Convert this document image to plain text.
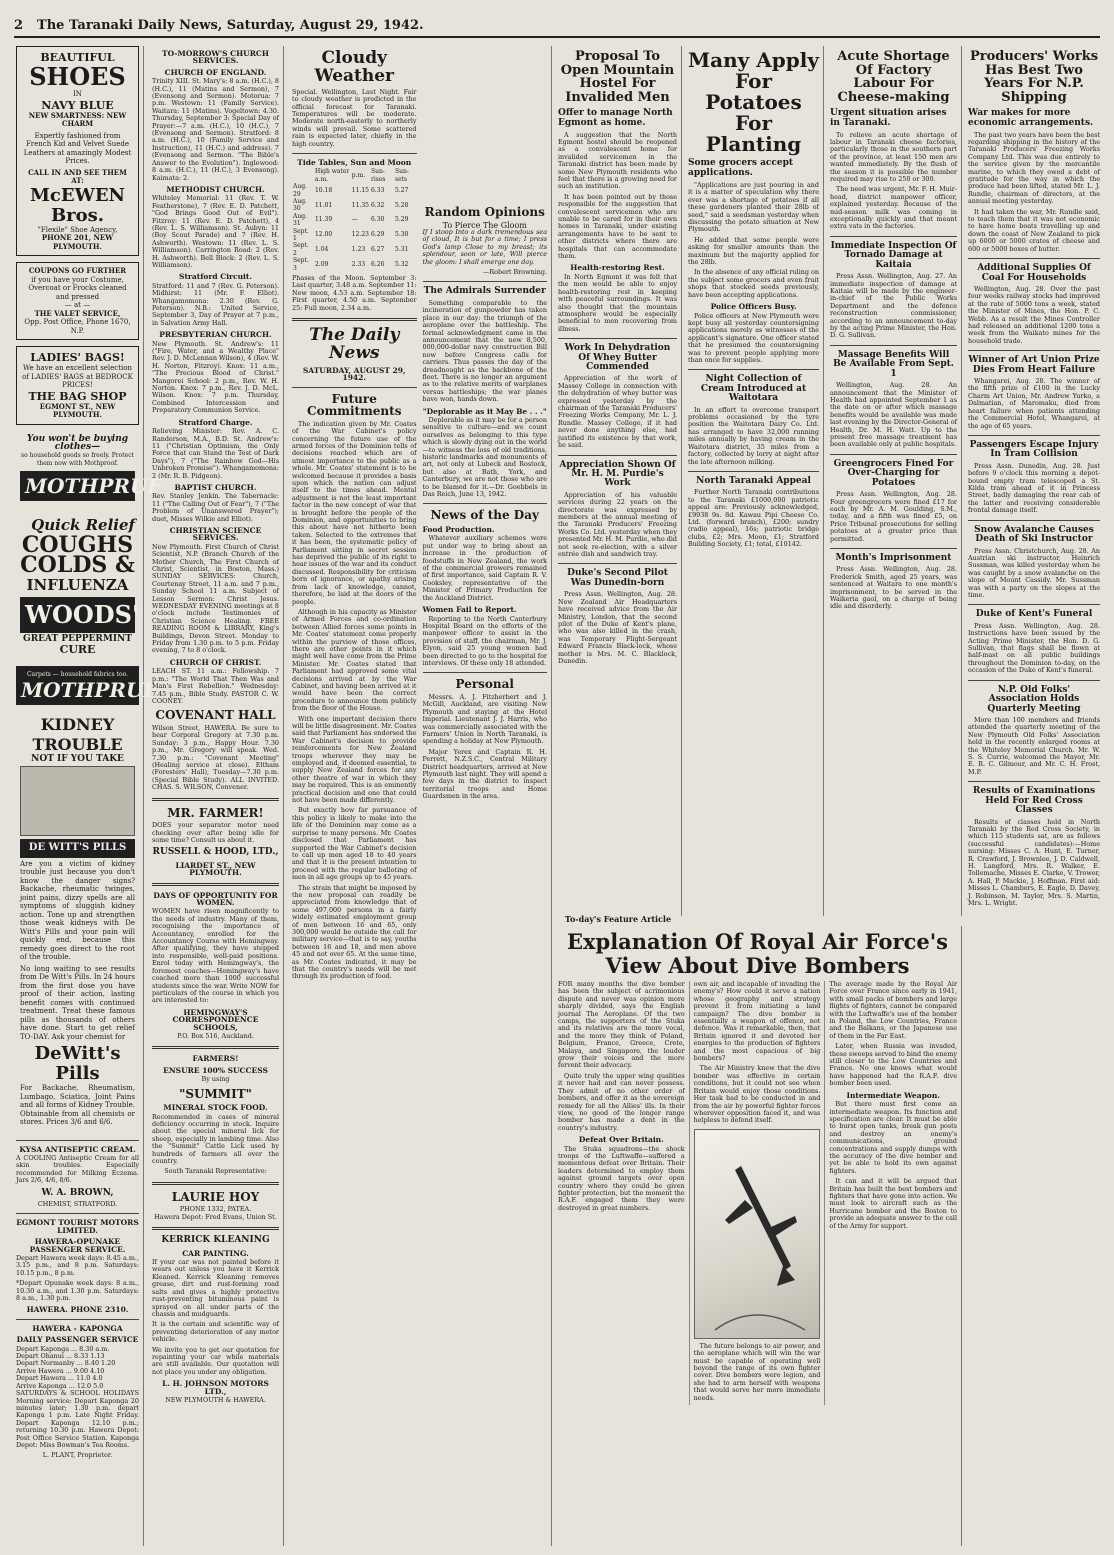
2 The Taranaki Daily News, Saturday, August 29, 1942.
BEAUTIFUL
SHOES
IN
NAVY BLUE
NEW SMARTNESS: NEW CHARM
Expertly fashioned from French Kid and Velvet Suede Leathers at amazingly Modest Prices.
CALL IN AND SEE THEM AT:
McEWEN Bros.
"Flexile" Shoe Agency,
PHONE 201, NEW PLYMOUTH.
COUPONS GO FURTHER
if you have your Costume, Overcoat or Frocks cleaned and pressed
— at —
THE VALET SERVICE,
Opp. Post Office, Phone 1670, N.P.
LADIES' BAGS!
We have an excellent selection of LADIES' BAGS at BEDROCK PRICES!
THE BAG SHOP
EGMONT ST., NEW PLYMOUTH.
You won't be buying clothes—
so household goods so freely. Protect them now with Mothproof.
MOTHPRUF
Quick Relief
COUGHS
COLDS &
INFLUENZA
WOODS'
GREAT PEPPERMINT
CURE
Carpets — household fabrics too.
MOTHPRUF
KIDNEY TROUBLE
NOT IF YOU TAKE
DE WITT'S PILLS

Are you a victim of kidney trouble just because you don't know the danger signs? Backache, rheumatic twinges, joint pains, dizzy spells are all symptoms of sluggish kidney action. Tone up and strengthen those weak kidneys with De Witt's Pills and your pain will quickly end, because this remedy goes direct to the root of the trouble.

No long waiting to see results from De Witt's Pills. In 24 hours from the first dose you have proof of their action, lasting benefit comes with continued treatment. Treat these famous pills as thousands of others have done. Start to get relief TO-DAY. Ask your chemist for

DeWitt's Pills

For Backache, Rheumatism, Lumbago, Sciatica, Joint Pains and all forms of Kidney Trouble. Obtainable from all chemists or stores. Prices 3/6 and 6/6.

KYSA ANTISEPTIC CREAM.

A COOLING Antiseptic Cream for all skin troubles. Especially recommended for Milking Eczema. Jars 2/6, 4/6, 8/6.

W. A. BROWN,
CHEMIST, STRATFORD.
EGMONT TOURIST MOTORS LIMITED.
HAWERA-OPUNAKE PASSENGER SERVICE.

Depart Hawera week days: 8.45 a.m., 3.15 p.m., and 8 p.m. Saturdays: 10.15 p.m., 8 p.m.

*Depart Opunake week days: 8 a.m., 10.30 a.m., and 1.30 p.m. Saturdays: 8 a.m., 1.30 p.m.

HAWERA. PHONE 2310.
HAWERA - KAPONGA
DAILY PASSENGER SERVICE
Depart Kaponga ... 8.30 a.m.
Depart Ohanui ... 8.33 1.13
Depart Normanby ... 8.40 1.20
Arrive Hawera ... 9.00 4.10
Depart Hawera ... 11.0 4.0
Arrive Kaponga ... 12.0 5.0

SATURDAYS & SCHOOL HOLIDAYS Morning service: Depart Kaponga 20 minutes later; 1.30 p.m. depart Kaponga 1 p.m. Late Night Friday. Depart Kaponga 12.10 p.m.; returning 10.30 p.m. Hawera Depot: Post Office Service Station. Kaponga Depot: Miss Bowman's Tea Rooms.

L. PLANT, Proprietor.
TO-MORROW'S CHURCH SERVICES.
CHURCH OF ENGLAND.

Trinity XIII. St. Mary's: 8 a.m. (H.C.), 8 (H.C.), 11 (Matins and Sermon), 7 (Evensong and Sermon). Motorua: 7 p.m. Westown: 11 (Family Service). Waitara: 11 (Matins). Vogeltown: 4.30. Thursday, September 3: Special Day of Prayer:—7 a.m. (H.C.), 10 (H.C.), 7 (Evensong and Sermon). Stratford: 8 a.m. (H.C.), 10 (Family Service and Instruction), 11 (H.C.) and address). 7 (Evensong and Sermon. "The Bible's Answer to the Evolution"). Inglewood: 8 a.m. (H.C.), 11 (H.C.), 3 Evensong). Kaimata: 2.

METHODIST CHURCH.

Whiteley Memorial: 11 (Rev. T. W. Featherstone), 7 (Rev. E. D. Patchett, "God Brings Good Out of Evil"). Fitzroy: 11 (Rev. E. D. Patchett), 4 (Rev. L. S. Williamson). St. Aubyn: 11 (Boy Scout Parade) and 7 (Rev. H. Ashworth). Westown: 11 (Rev. L. S. Williamson). Carrington Road: 2 (Rev. H. Ashworth). Bell Block: 2 (Rev. L. S. Williamson).

Stratford Circuit.

Stratford: 11 and 7 (Rev. G. Peterson). Midhirst: 11 (Mr. F. Elliot). Whangamomona: 2.30 (Rev. G. Peterson). N.B.: United Service, September 3, Day of Prayer at 7 p.m., in Salvation Army Hall.

PRESBYTERIAN CHURCH.

New Plymouth. St. Andrew's: 11 ("Fire, Water, and a Wealthy Place" Rev. J. D. McLennan Wilson), 4 (Rev. W. H. Norton, Fitzroy). Knox: 11 a.m., "The Precious Blood of Christ." Mangorei School: 2 p.m., Rev. W. H. Norton. Knox: 7 p.m., Rev. J. D. McL. Wilson. Knox: 7 p.m. Thursday, Combined Intercession and Preparatory Communion Service.

Stratford Charge.

Relieving Minister: Rev. A. C. Randerson, M.A., B.D. St. Andrew's: 11 ("Christian Optimism, the Only Force that can Stand the Test of Dark Days"), 7 ("The Rainbow God—His Unbroken Promise"). Whangamomona: 2 (Mr. R. B. Pidgeon).

BAPTIST CHURCH.

Rev. Stanley Jenkin. The Tabernacle: 11 ("The Calling Out of Fear"), 7 ("The Problem of Unanswered Prayer"); duet, Misses Wilkie and Elliot).

CHRISTIAN SCIENCE SERVICES.

New Plymouth. First Church of Christ Scientist, N.P. (Branch Church of the Mother Church, The First Church of Christ, Scientist, in Boston, Mass.) SUNDAY SERVICES: Church, Courtenay Street, 11 a.m. and 7 p.m., Sunday School 11 a.m. Subject of Lesson Sermon: Christ Jesus. WEDNESDAY EVENING meetings at 8 o'clock include Testimonies of Christian Science Healing. FREE READING ROOM & LIBRARY, King's Buildings, Devon Street. Monday to Friday from 1.30 p.m. to 5 p.m. Friday evening, 7 to 8 o'clock.

CHURCH OF CHRIST.

LEACH ST. 11 a.m.: Fellowship. 7 p.m.: "The World That Then Was and Man's First Rebellion." Wednesday: 7.45 p.m., Bible Study. PASTOR C. W. COONEY.

COVENANT HALL

Wilson Street, HAWERA. Be sure to hear Corporal Gregory at 7.30 p.m. Sunday: 3 p.m., Happy Hour. 7.30 p.m., Mr. Gregory will speak. Wed. 7.30 p.m.: "Covenant Meeting" (Healing service at close). Eltham (Foresters' Hall), Tuesday—7.30 p.m. (Special Bible Study). ALL INVITED. CHAS. S. WILSON, Convener.

MR. FARMER!

DOES your separator motor need checking over after being idle for some time? Consult us about it.

RUSSELL & HOOD, LTD.,
LIARDET ST., NEW PLYMOUTH.
DAYS OF OPPORTUNITY FOR WOMEN.

WOMEN have risen magnificently to the needs of industry. Many of them, recognising the importance of Accountancy, enrolled for the Accountancy Course with Hemingway. After qualifying, they have stepped into responsible, well-paid positions. Enrol today with Hemingway's, the foremost coaches—Hemingway's have coached more than 1000 successful students since the war. Write NOW for particulars of the course in which you are interested to:

HEMINGWAY'S CORRESPONDENCE SCHOOLS,
P.O. Box 516, Auckland.
FARMERS!
ENSURE 100% SUCCESS
By using
"SUMMIT"
MINERAL STOCK FOOD.

Recommended in cases of mineral deficiency occurring in stock. Inquire about the special mineral lick for sheep, especially in lambing time. Also the "Summit" Cattle Lick used by hundreds of farmers all over the country.

South Taranaki Representative:
LAURIE HOY
PHONE 1332, PATEA.
Hawera Depot: Fred Evans, Union St.
KERRICK KLEANING
CAR PAINTING.

If your car was not painted before it wears out unless you have it Kerrick Kleaned. Kerrick Kleaning removes grease, dirt and rust-forming road salts and gives a highly protective rust-preventing bituminous paint is sprayed on all under parts of the chassis and mudguards.

It is the certain and scientific way of preventing deterioration of any motor vehicle.

We invite you to get our quotation for repainting your car while materials are still available. Our quotation will not place you under any obligation.

L. H. JOHNSON MOTORS LTD.,
NEW PLYMOUTH & HAWERA.
Cloudy Weather

Special. Wellington, Last Night. Fair to cloudy weather is predicted in the official forecast for Taranaki. Temperatures will be moderate. Moderate north-easterly to northerly winds will prevail. Some scattered rain is expected later, chiefly in the high country.

Tide Tables, Sun and Moon
	High water a.m.	p.m.	Sun-rises	Sun-sets
Aug. 29	10.18	11.15	6.33	5.27
Aug. 30	11.01	11.35	6.32	5.28
Aug. 31	11.39	—	6.30	5.29
Sept. 1	12.00	12.23	6.29	5.30
Sept. 2	1.04	1.23	6.27	5.31
Sept. 3	2.09	2.33	6.26	5.32

Phases of the Moon. September 3: Last quarter, 3.48 a.m. September 11: New moon, 4.53 a.m. September 18: First quarter, 4.50 a.m. September 25: Full moon, 2.34 a.m.

The Daily News
SATURDAY, AUGUST 29, 1942.
Future Commitments

The indication given by Mr. Coates of the War Cabinet's policy concerning the future use of the armed forces of the Dominion tells of decisions reached which are of utmost importance to the public as a whole. Mr. Coates' statement is to be welcomed because it provides a basis upon which the nation can adjust itself to the times ahead. Mental adjustment is not the least important factor in the new concept of war that is brought before the people of the Dominion, and opportunities to bring this about have not hitherto been taken. Selected to the extremes that it has been, the systematic policy of Parliament sitting in secret session has deprived the public of its right to hear issues of the war and its conduct discussed. Responsibility for criticism born of ignorance, or apathy arising from lack of knowledge, cannot, therefore, be laid at the doors of the people.

Although in his capacity as Minister of Armed Forces and co-ordination between Allied forces some points in Mr. Coates' statement come properly within the purview of those offices, there are other points in it which might well have come from the Prime Minister. Mr. Coates stated that Parliament had approved some vital decisions arrived at by the War Cabinet, and having been arrived at it would have been the correct procedure to announce them publicly from the floor of the House.

With one important decision there will be little disagreement. Mr. Coates said that Parliament has endorsed the War Cabinet's decision to provide reinforcements for New Zealand troops wherever they may be employed and, if deemed essential, to supply New Zealand forces for any other theatre of war in which they may be required. This is an eminently practical decision and one that could not have been made differently.

But exactly how far pursuance of this policy is likely to make into the life of the Dominion may come as a surprise to many persons. Mr. Coates disclosed that Parliament has supported the War Cabinet's decision to call up men aged 18 to 40 years and that it is the present intention to proceed with the regular balloting of men in all age groups up to 45 years.

The strain that might be imposed by the new proposal can readily be appreciated from knowledge that of some 497,000 persons in a fairly widely estimated employment group of men between 16 and 65, only 300,000 would be outside the call for military service—that is to say, youths between 16 and 18, and men above 45 and not over 65. At the same time, as Mr. Coates indicated, it may be that the country's needs will be met through its production of food.

Random Opinions
To Pierce The Gloom

If I stoop Into a dark tremendous sea of cloud, It is but for a time; I press God's lamp Close to my breast; its splendour, soon or late, Will pierce the gloom: I shall emerge one day.

—Robert Browning.
The Admirals Surrender

Something comparable to the incineration of gunpowder has taken place in our day: the triumph of the aeroplane over the battleship. The formal acknowledgment came in the announcement that the new 8,500, 000,000-dollar navy construction Bill now before Congress calls for carriers. Thus passes the day of the dreadnought as the backbone of the fleet. There is no longer an argument as to the relative merits of warplanes versus battleships; the war planes have won, hands down.

"Deplorable as it May Be . . ."

Deplorable as it may be for a person sensitive to culture—and we count ourselves as belonging to this type which is slowly dying out in the world—to witness the loss of old traditions, historic landmarks and monuments of art, not only at Lubeck and Rostock, but also at Bath, York, and Canterbury, we are not those who are to be blamed for it.—Dr. Goebbels in Das Reich, June 13, 1942.

News of the Day
Food Production.

Whatever auxiliary schemes were put under way to bring about an increase in the production of foodstuffs in New Zealand, the work of the commercial growers remained of first importance, said Captain R. V. Cooksley, representative of the Minister of Primary Production for the Auckland District.

Women Fail to Report.

Reporting to the North Canterbury Hospital Board on the efforts of the manpower officer to assist in the provision of staff, the chairman, Mr. J. Elyon, said 25 young women had been directed to go to the hospital for interviews. Of these only 18 attended.

Personal

Messrs. A. J. Fitzherbert and J. McGill, Auckland, are visiting New Plymouth and staying at the Hotel Imperial. Lieutenant J. J. Harris, who was commercially associated with the Farmers' Union in North Taranaki, is spending a holiday at New Plymouth.

Major Yerex and Captain R. H. Perrett, N.Z.S.C., Central Military District headquarters, arrived at New Plymouth last night. They will spend a few days in the district to inspect territorial troops and Home Guardsmen in the area.

Proposal To Open Mountain Hostel For Invalided Men
Offer to manage North Egmont as home.

A suggestion that the North Egmont hostel should be reopened as a convalescent home for invalided servicemen in the Taranaki district has been made by some New Plymouth residents who feel that there is a growing need for such an institution.

It has been pointed out by those responsible for the suggestion that convalescent servicemen who are unable to be cared for in their own homes in Taranaki, under existing arrangements have to be sent to other districts where there are hospitals that can accommodate them.

Health-restoring Rest.

In North Egmont it was felt that the men would be able to enjoy health-restoring rest in keeping with peaceful surroundings. It was also thought that the mountain atmosphere would be especially beneficial to men recovering from illness.

Work In Dehydration Of Whey Butter Commended

Appreciation of the work of Massey College in connection with the dehydration of whey butter was expressed yesterday by the chairman of the Taranaki Producers' Freezing Works Company, Mr. L. J. Rundle. Massey College, if it had never done anything else, had justified its existence by that work, he said.

Appreciation Shown Of Mr. H. M. Purdie's Work

Appreciation of his valuable services during 22 years on the directorate was expressed by members at the annual meeting of the Taranaki Producers' Freezing Works Co. Ltd. yesterday when they presented Mr. H. M. Purdie, who did not seek re-election, with a silver entrée dish and sandwich tray.

Duke's Second Pilot Was Dunedin-born

Press Assn. Wellington, Aug. 28. New Zealand Air Headquarters have received advice from the Air Ministry, London, that the second pilot of the Duke of Kent's plane, who was also killed in the crash, was Temporary Flight-Sergeant Edward Francis Black-lock, whose mother is Mrs. M. C. Blacklock, Dunedin.

To-day's Feature Article
Many Apply For Potatoes For Planting
Some grocers accept applications.

"Applications are just pouring in and it is a matter of speculation why there ever was a shortage of potatoes if all these gardeners planted their 28lb of seed," said a seedsman yesterday when discussing the potato situation at New Plymouth.

He added that some people were asking for smaller amounts than the maximum but the majority applied for the 28lb.

In the absence of any official ruling on the subject some grocers and even fruit shops that stocked seeds previously, have been accepting applications.

Police Officers Busy.

Police officers at New Plymouth were kept busy all yesterday countersigning applications merely as witnesses of the applicant's signature. One officer stated that he presumed the countersigning was to prevent people applying more than once for supplies.

Night Collection of Cream Introduced at Waitotara

In an effort to overcome transport problems occasioned by the tyre position the Waitotara Dairy Co. Ltd. has arranged to have 32,000 running miles annually by having cream in the Waitotara district, 35 miles from a factory, collected by lorry at night after the late afternoon milking.

North Taranaki Appeal

Further North Taranaki contributions to the Taranaki £1000,000 patriotic appeal are: Previously acknowledged, £9938 9s. 8d. Kawau Pipi Cheese Co. Ltd. (forward branch), £200; sundry (radio appeal), 16s; patriotic bridge clubs, £2; Mrs. Moon, £1; Stratford Building Society, £1; total, £10142.

Acute Shortage Of Factory Labour For Cheese-making
Urgent situation arises in Taranaki.

To relieve an acute shortage of labour in Taranaki cheese factories, particularly those in the southern part of the province, at least 150 men are wanted immediately. By the flush of the season it is possible the number required may rise to 250 or 300.

The need was urgent, Mr. F. H. Muir-head, district manpower officer, explained yesterday. Because of the mid-season milk was coming in exceptionally quickly and that meant extra vats in the factories.

Immediate Inspection Of Tornado Damage at Kaitaia

Press Assn. Wellington, Aug. 27. An immediate inspection of damage at Kaitaia will be made by the engineer-in-chief of the Public Works Department and the defence reconstruction commissioner, according to an announcement to-day by the acting Prime Minister, the Hon. D. G. Sullivan.

Massage Benefits Will Be Available From Sept. 1

Wellington, Aug. 28. An announcement that the Minister of Health had appointed September 1 as the date on or after which massage benefits would be available was made last evening by the Director-General of Health, Dr. M. H. Watt. Up to the present free massage treatment has been available only at public hospitals.

Greengrocers Fined For Over-Charging for Potatoes

Press Assn. Wellington, Aug. 28. Four greengrocers were fined £17 for each by Mr. A. M. Goulding, S.M., today, and a fifth was fined £5, on Price Tribunal prosecutions for selling potatoes at a greater price than permitted.

Month's Imprisonment

Press Assn. Wellington, Aug. 28. Frederick Smith, aged 25 years, was sentenced at Waitara to one month's imprisonment, to be served in the Waikeria gaol, on a charge of being idle and disorderly.

Producers' Works Has Best Two Years For N.P. Shipping
War makes for more economic arrangements.

The past two years have been the best regarding shipping in the history of the Taranaki Producers' Freezing Works Company Ltd. This was due entirely to the service given by the mercantile marine, to which they owed a debt of gratitude for the way in which the produce had been lifted, stated Mr. L. J. Rundle, chairman of directors, at the annual meeting yesterday.

It had taken the war, Mr. Rundle said, to teach them that it was not economic to have home boats travelling up and down the coast of New Zealand to pick up 6000 or 5000 crates of cheese and 600 or 5000 boxes of butter.

Additional Supplies Of Coal For Households

Wellington, Aug. 28. Over the past four weeks railway stocks had improved at the rate of 5000 tons a week, stated the Minister of Mines, the Hon. P. C. Webb. As a result the Mines Controller had released an additional 1200 tons a week from the Waikato mines for the household trade.

Winner of Art Union Prize Dies From Heart Failure

Whangarei, Aug. 28. The winner of the fifth prize of £100 in the Lucky Charm Art Union, Mr. Andrew Yurko, a Dalmatian, of Maromaku, died from heart failure when patients attending the Commercial Hotel, Whangarei, at the age of 65 years.

Passengers Escape Injury In Tram Collision

Press Assn. Dunedin, Aug. 28. Just before 9 o'clock this morning a depot-bound empty tram telescoped a St. Kilda tram ahead of it in Princess Street, badly damaging the rear cab of the latter and receiving considerable frontal damage itself.

Snow Avalanche Causes Death of Ski Instructor

Press Assn. Christchurch, Aug. 28. An Austrian ski instructor, Heinrich Sussman, was killed yesterday when he was caught by a snow avalanche on the slope of Mount Cassidy. Mr. Sussman was with a party on the slopes at the time.

Duke of Kent's Funeral

Press Assn. Wellington, Aug. 28. Instructions have been issued by the Acting Prime Minister, the Hon. D. G. Sullivan, that flags shall be flown at half-mast on all public buildings throughout the Dominion to-day, on the occasion of the Duke of Kent's funeral.

N.P. Old Folks' Association Holds Quarterly Meeting

More than 100 members and friends attended the quarterly meeting of the New Plymouth Old Folks' Association held in the recently enlarged rooms at the Whiteley Memorial Church. Mr. W. S. S. Currie, welcomed the Mayor, Mr. E. R. C. Gilmour, and Mr. C. H. Frost, M.P.

Results of Examinations Held For Red Cross Classes

Results of classes held in North Taranaki by the Red Cross Society, in which 115 students sat, are as follows (successful candidates):—Home nursing: Misses C. A. Hunt, E. Turner, R. Crawford, J. Brownlee, J. D. Caldwell, H. Langford, Mrs. R. Walker, E. Tollemache, Misses E. Clarke, V. Trower, A. Hall, P. Mackie, J. Hoffman. First aid: Misses L. Chambers, E. Eagle, D. Davey, J. Robinson, M. Taylor, Mrs. S. Martin, Mrs. L. Wright.

Explanation Of Royal Air Force's View About Dive Bombers

FOR many months the dive bomber has been the subject of acrimonious dispute and never was opinion more sharply divided, says the English journal The Aeroplane. Of the two camps, the supporters of the Stuka and its relatives are the more vocal, and the more they think of Poland, Belgium, France, Greece, Crete, Malaya, and Singapore, the louder grow their voices and the more fervent their advocacy.

Quite truly the upper wing qualities it never had and can never possess. They admit of no other order of bombers, and offer it as the sovereign remedy for all the Allies' ills. In their view, no good of the longer range bomber has made a dent in the country's industry.

Defeat Over Britain.

The Stuka squadrons—the shock troops of the Luftwaffe—suffered a momentous defeat over Britain. Their leaders determined to employ them against ground targets over open country where they could be given fighter protection, but the moment the R.A.F. engaged them they were destroyed in great numbers.

own air, and incapable of invading the enemy's? How could it serve a nation whose geography and strategy prevent it from initiating a land campaign? The dive bomber is essentially a weapon of offence, not defence. Was it remarkable, then, that Britain ignored it and devoted her energies to the production of fighters and the most capacious of big bombers?

The Air Ministry knew that the dive bomber was effective in certain conditions, but it could not see when Britain would enjoy those conditions. Her task had to be conducted in and from the air by powerful fighter forces wherever opposition faced it, and was helpless to defend itself.

The future belongs to air power, and the aeroplane which will win the war must be capable of operating well beyond the range of its own fighter cover. Dive bombers were legion, and she had to arm herself with weapons that would serve her more immediate needs.

The average made by the Royal Air Force over France since early in 1941, with small packs of bombers and large flights of fighters, cannot be compared with the Luftwaffe's use of the bomber in Poland, the Low Countries, France and the Balkans, or the Japanese use of them in the Far East.

Later, when Russia was invaded, these sweeps served to bind the enemy still closer to the Low Countries and France. No one knows what would have happened had the R.A.F. dive bomber been used.

Intermediate Weapon.

But there must first come an intermediate weapon. Its function and specification are clear. It must be able to burst open tanks, break gun posts and destroy an enemy's communications, ground concentrations and supply dumps with the accuracy of the dive bomber and yet be able to hold its own against fighters.

It can and it will be argued that Britain has built the best bombers and fighters that have gone into action. We must look to aircraft such as the Hurricane bomber and the Boston to provide an adequate answer to the call of the Army for support.
